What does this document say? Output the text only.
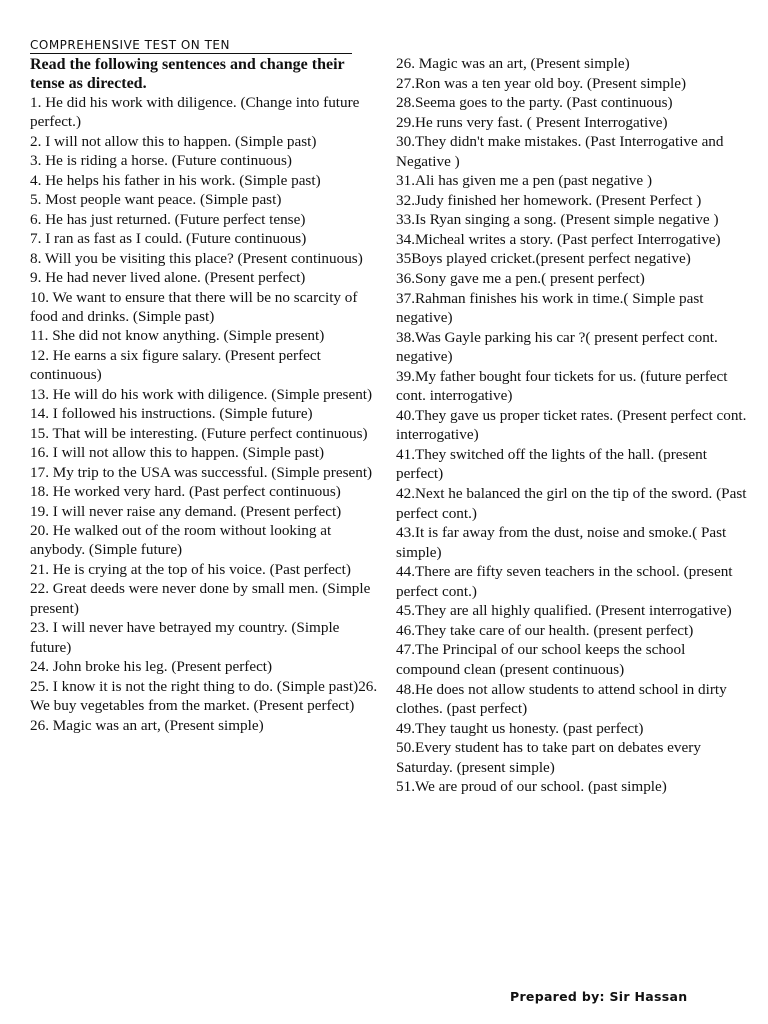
COMPREHENSIVE TEST ON TEN
Read the following sentences and change their tense as directed.

1. He did his work with diligence. (Change into future perfect.)

2. I will not allow this to happen. (Simple past)

3. He is riding a horse. (Future continuous)

4. He helps his father in his work. (Simple past)

5. Most people want peace. (Simple past)

6. He has just returned. (Future perfect tense)

7. I ran as fast as I could. (Future continuous)

8. Will you be visiting this place? (Present continuous)

9. He had never lived alone. (Present perfect)

10. We want to ensure that there will be no scarcity of food and drinks. (Simple past)

11. She did not know anything. (Simple present)

12. He earns a six figure salary. (Present perfect continuous)

13. He will do his work with diligence. (Simple present)

14. I followed his instructions. (Simple future)

15. That will be interesting. (Future perfect continuous)

16. I will not allow this to happen. (Simple past)

17. My trip to the USA was successful. (Simple present)

18. He worked very hard. (Past perfect continuous)

19. I will never raise any demand. (Present perfect)

20. He walked out of the room without looking at anybody. (Simple future)

21. He is crying at the top of his voice. (Past perfect)

22. Great deeds were never done by small men. (Simple present)

23. I will never have betrayed my country. (Simple future)

24. John broke his leg. (Present perfect)

25. I know it is not the right thing to do. (Simple past)26. We buy vegetables from the market. (Present perfect)

26. Magic was an art, (Present simple)

26. Magic was an art, (Present simple)

27.Ron was a ten year old boy. (Present simple)

28.Seema goes to the party. (Past continuous)

29.He runs very fast. ( Present Interrogative)

30.They didn't make mistakes. (Past Interrogative and Negative )

31.Ali has given me a pen (past negative )

32.Judy finished her homework. (Present Perfect )

33.Is Ryan singing a song. (Present simple negative )

34.Micheal writes a story. (Past perfect Interrogative)

35Boys played cricket.(present perfect negative)

36.Sony gave me a pen.( present perfect)

37.Rahman finishes his work in time.( Simple past negative)

38.Was Gayle parking his car ?( present perfect cont. negative)

39.My father bought four tickets for us. (future perfect cont. interrogative)

40.They gave us proper ticket rates. (Present perfect cont. interrogative)

41.They switched off the lights of the hall. (present perfect)

42.Next he balanced the girl on the tip of the sword. (Past perfect cont.)

43.It is far away from the dust, noise and smoke.( Past simple)

44.There are fifty seven teachers in the school. (present perfect cont.)

45.They are all highly qualified. (Present interrogative)

46.They take care of our health. (present perfect)

47.The Principal of our school keeps the school compound clean (present continuous)

48.He does not allow students to attend school in dirty clothes. (past perfect)

49.They taught us honesty. (past perfect)

50.Every student has to take part on debates every Saturday. (present simple)

51.We are proud of our school. (past simple)

Prepared by: Sir Hassan
